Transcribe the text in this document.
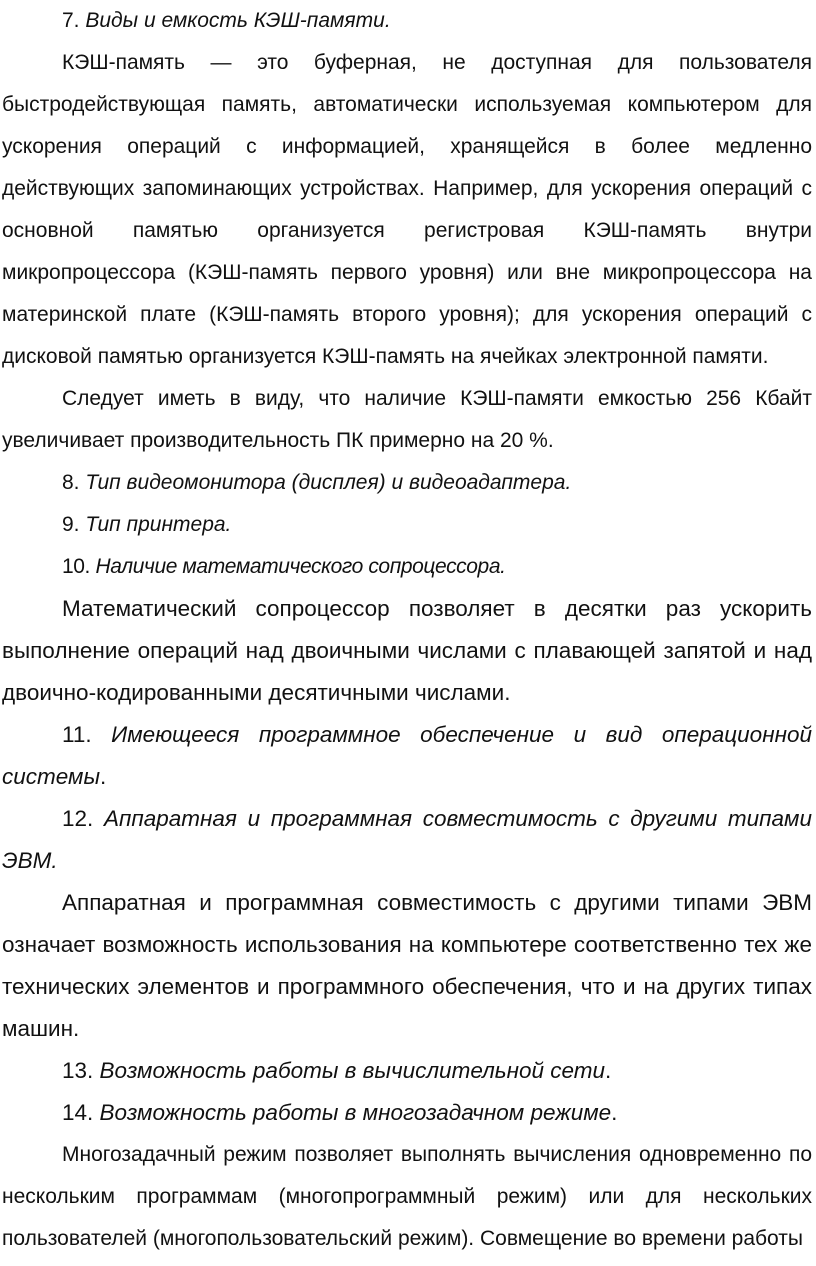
7. Виды и емкость КЭШ-памяти.

КЭШ-память — это буферная, не доступная для пользователя быстродействующая память, автоматически используемая компьютером для ускорения операций с информацией, хранящейся в более медленно действующих запоминающих устройствах. Например, для ускорения операций с основной памятью организуется регистровая КЭШ-память внутри микропроцессора (КЭШ-память первого уровня) или вне микропроцессора на материнской плате (КЭШ-память второго уровня); для ускорения операций с дисковой памятью организуется КЭШ-память на ячейках электронной памяти.

Следует иметь в виду, что наличие КЭШ-памяти емкостью 256 Кбайт увеличивает производительность ПК примерно на 20 %.

8. Тип видеомонитора (дисплея) и видеоадаптера.

9. Тип принтера.

10. Наличие математического сопроцессора.

Математический сопроцессор позволяет в десятки раз ускорить выполнение операций над двоичными числами с плавающей запятой и над двоично-кодированными десятичными числами.

11. Имеющееся программное обеспечение и вид операционной системы.

12. Аппаратная и программная совместимость с другими типами ЭВМ.

Аппаратная и программная совместимость с другими типами ЭВМ означает возможность использования на компьютере соответственно тех же технических элементов и программного обеспечения, что и на других типах машин.

13. Возможность работы в вычислительной сети.

14. Возможность работы в многозадачном режиме.

Многозадачный режим позволяет выполнять вычисления одновременно по нескольким программам (многопрограммный режим) или для нескольких пользователей (многопользовательский режим). Совмещение во времени работы
